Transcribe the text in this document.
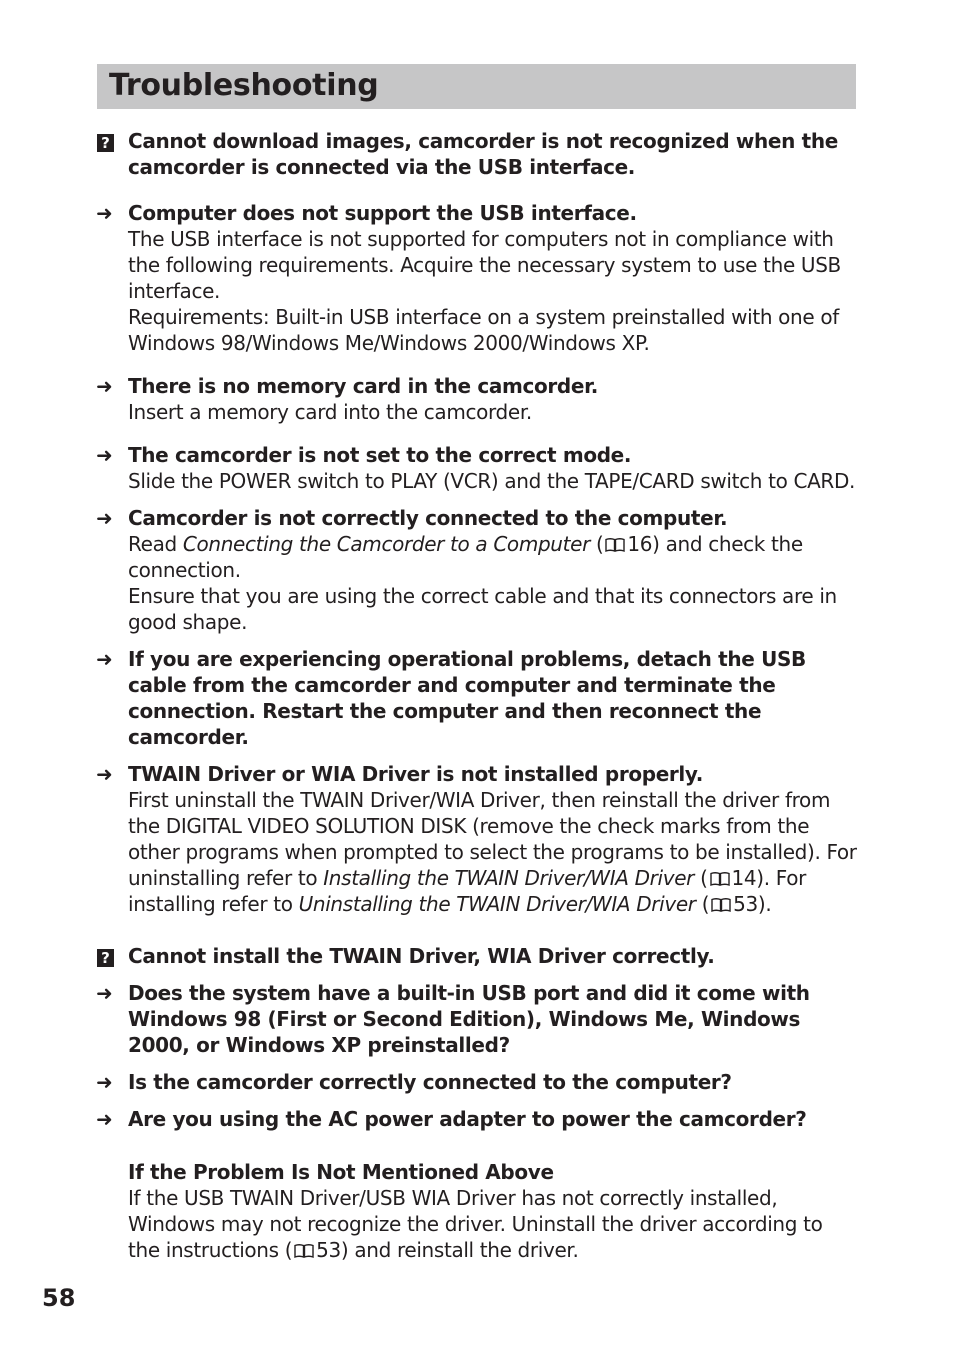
Troubleshooting
? Cannot download images, camcorder is not recognized when the camcorder is connected via the USB interface.
➜ Computer does not support the USB interface.
The USB interface is not supported for computers not in compliance with the following requirements. Acquire the necessary system to use the USB interface.
Requirements: Built-in USB interface on a system preinstalled with one of Windows 98/Windows Me/Windows 2000/Windows XP.
➜ There is no memory card in the camcorder.
Insert a memory card into the camcorder.
➜ The camcorder is not set to the correct mode.
Slide the POWER switch to PLAY (VCR) and the TAPE/CARD switch to CARD.
➜ Camcorder is not correctly connected to the computer.
Read Connecting the Camcorder to a Computer ( 16) and check the connection.
Ensure that you are using the correct cable and that its connectors are in good shape.
➜ If you are experiencing operational problems, detach the USB cable from the camcorder and computer and terminate the connection. Restart the computer and then reconnect the camcorder.
➜ TWAIN Driver or WIA Driver is not installed properly.
First uninstall the TWAIN Driver/WIA Driver, then reinstall the driver from the DIGITAL VIDEO SOLUTION DISK (remove the check marks from the other programs when prompted to select the programs to be installed). For uninstalling refer to Installing the TWAIN Driver/WIA Driver ( 14). For installing refer to Uninstalling the TWAIN Driver/WIA Driver ( 53).
? Cannot install the TWAIN Driver, WIA Driver correctly.
➜ Does the system have a built-in USB port and did it come with Windows 98 (First or Second Edition), Windows Me, Windows 2000, or Windows XP preinstalled?
➜ Is the camcorder correctly connected to the computer?
➜ Are you using the AC power adapter to power the camcorder?
If the Problem Is Not Mentioned Above
If the USB TWAIN Driver/USB WIA Driver has not correctly installed, Windows may not recognize the driver. Uninstall the driver according to the instructions ( 53) and reinstall the driver.
58
